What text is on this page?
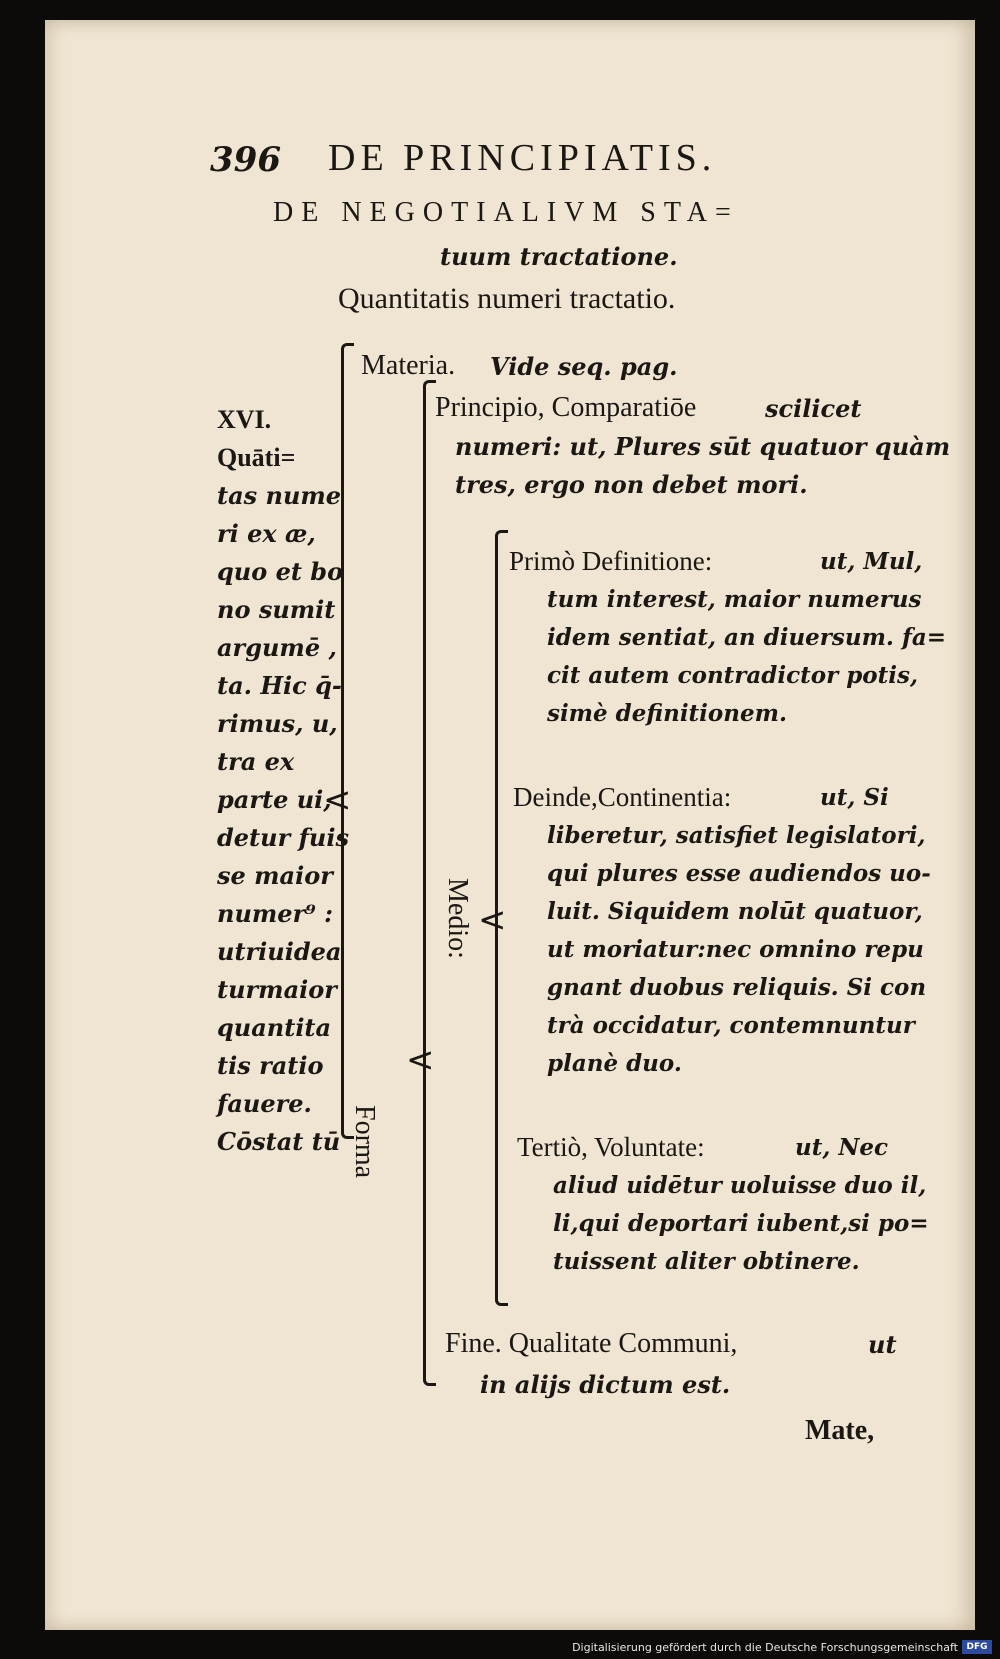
396 DE PRINCIPIATIS.
DE NEGOTIALIVM STA=
tuum tractatione.
Quantitatis numeri tractatio.
XVI.
Quāti=
tas nume
ri ex æ,
quo et bo
no sumit
argumē ,
ta. Hic q̄-
rimus, u,
tra ex
parte ui,
detur fuis
se maior
numer⁹ :
utriuidea
turmaior
quantita
tis ratio
fauere.
Cōstat tū
<
<
<
Materia. Vide seq. pag.
Forma
Medio:
Principio, Comparatiōe	scilicet
numeri: ut, Plures sūt quatuor quàm
tres, ergo non debet mori.
Primò Definitione:	ut, Mul,
tum interest, maior numerus
idem sentiat, an diuersum. fa=
cit autem contradictor potis,
simè definitionem.
Deinde,Continentia:	ut, Si
liberetur, satisfiet legislatori,
qui plures esse audiendos uo-
luit. Siquidem nolūt quatuor,
ut moriatur:nec omnino repu
gnant duobus reliquis. Si con
trà occidatur, contemnuntur
planè duo.
Tertiò, Voluntate:	ut, Nec
aliud uidētur uoluisse duo il,
li,qui deportari iubent,si po=
tuissent aliter obtinere.
Fine. Qualitate Communi,	ut
in alijs dictum est.
Mate,
Digitalisierung gefördert durch die Deutsche Forschungsgemeinschaft DFG
